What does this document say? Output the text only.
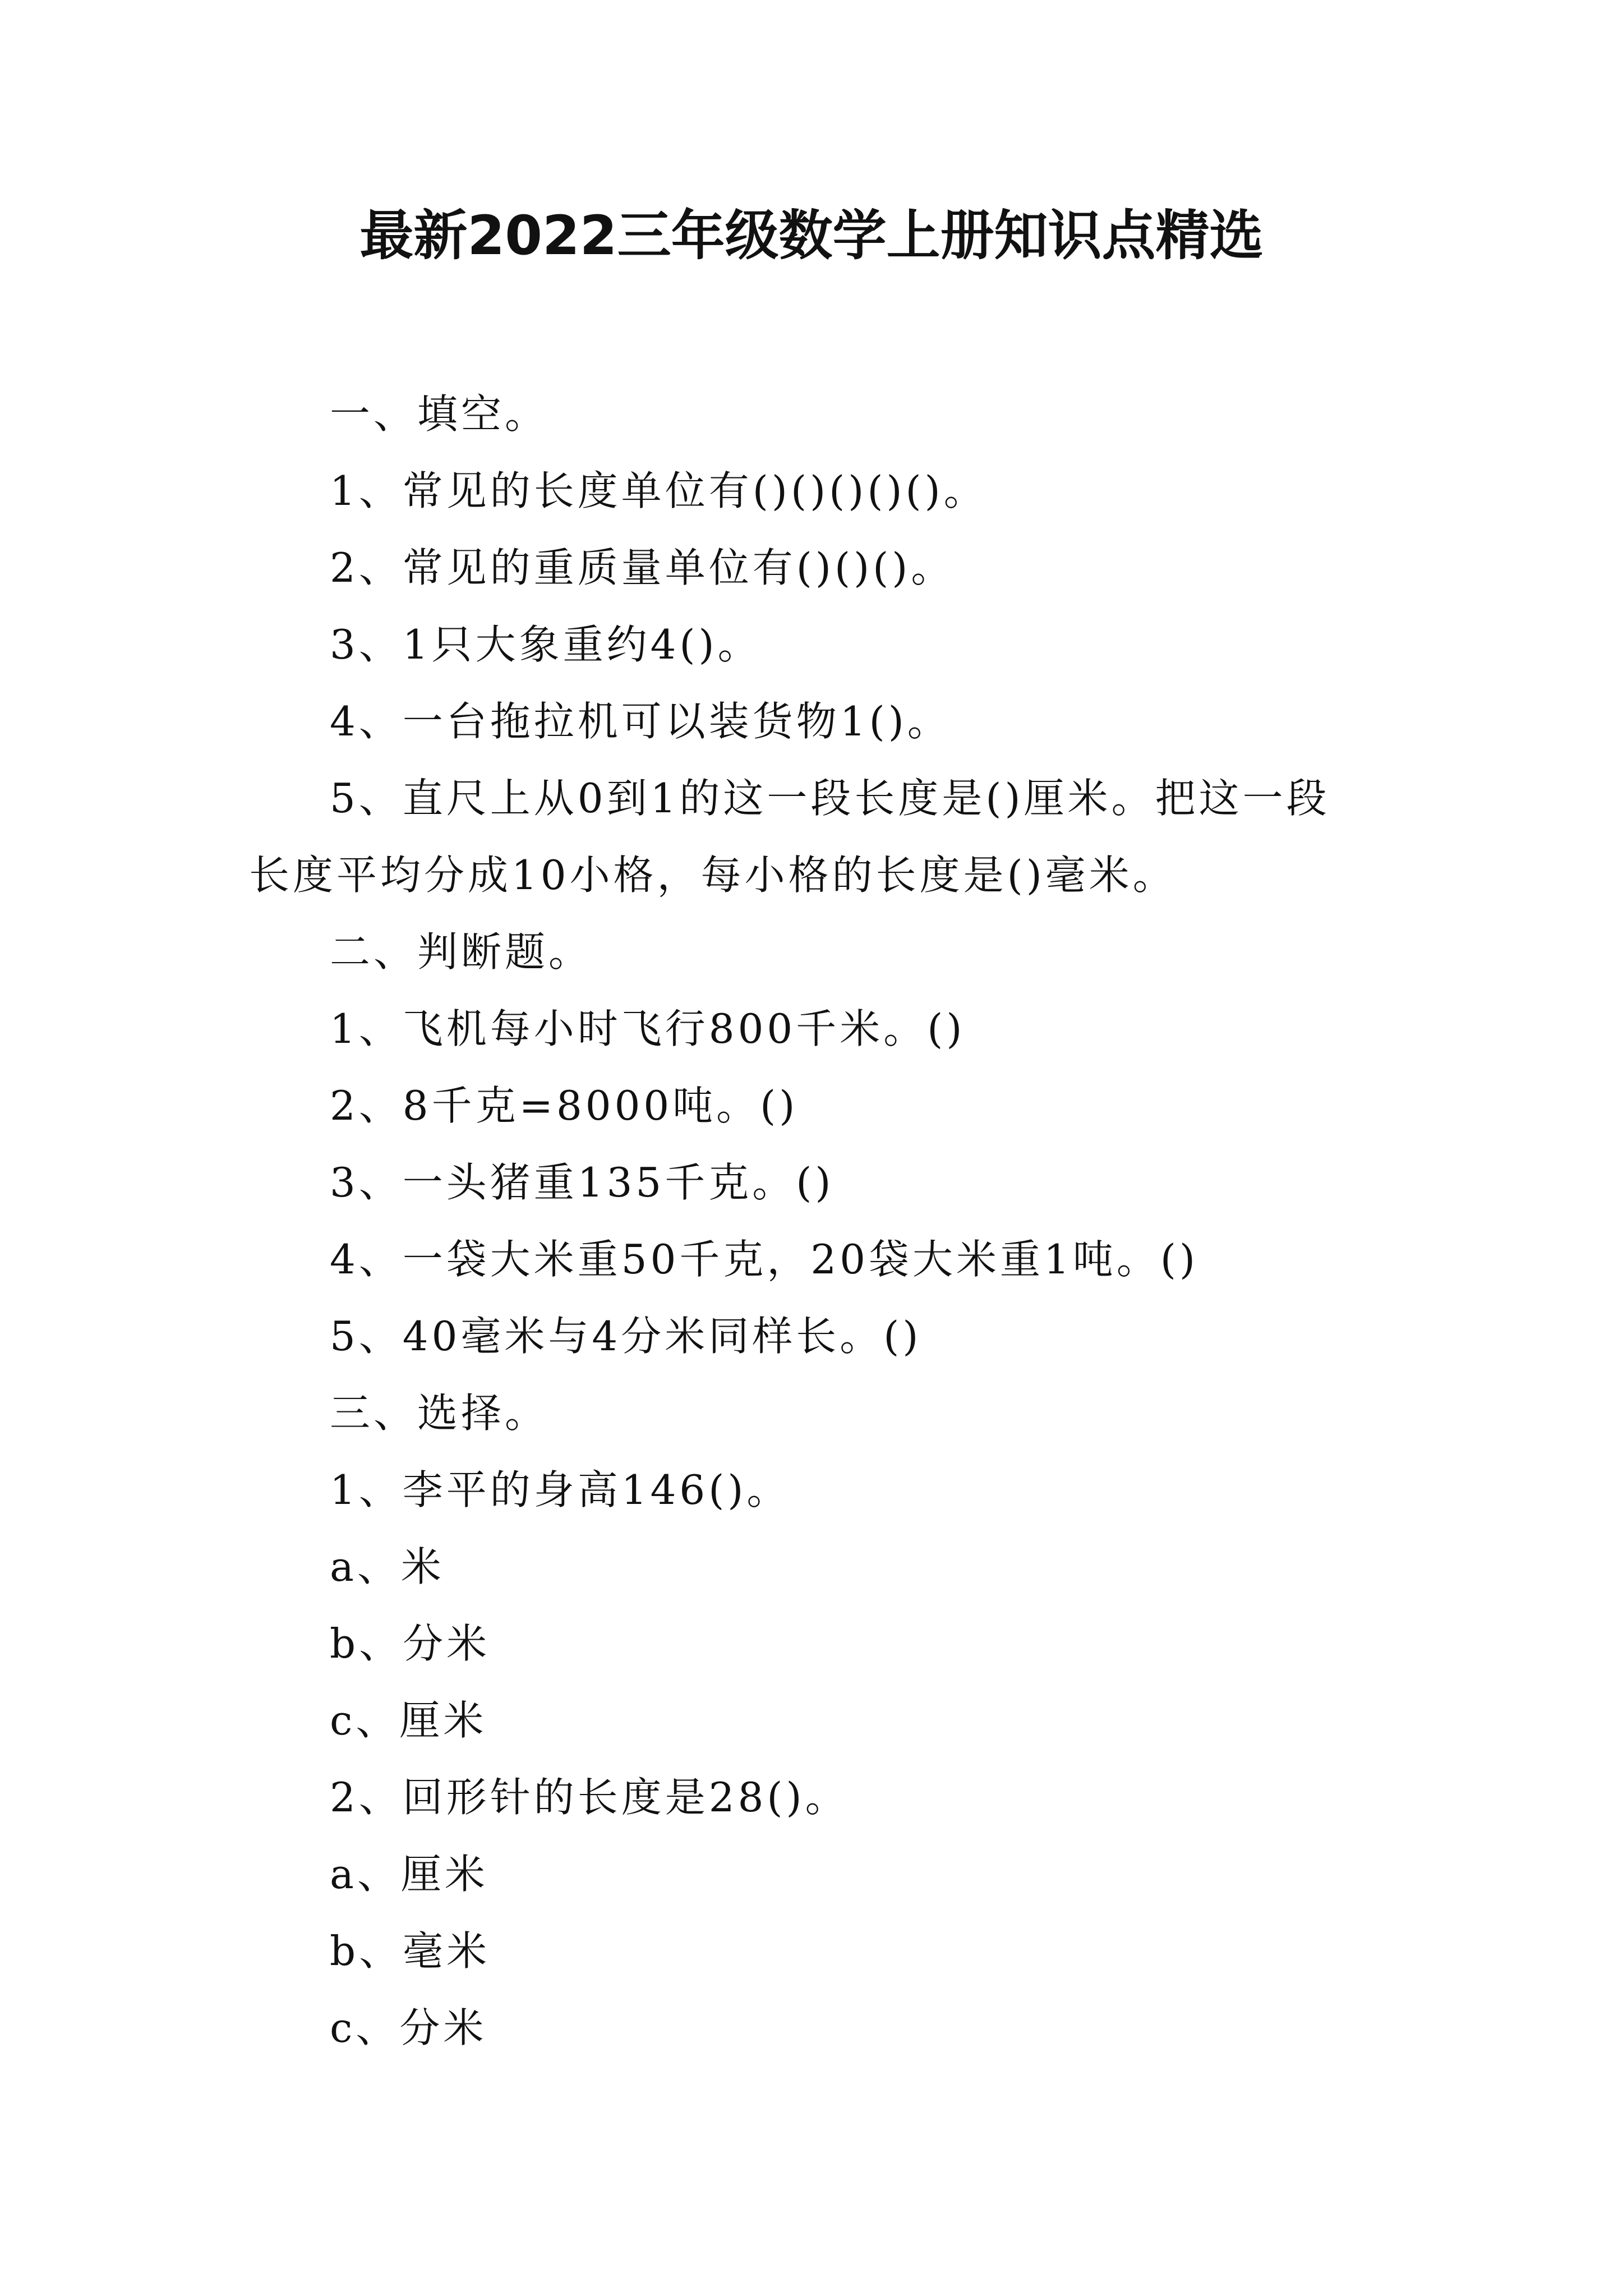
最新2022三年级数学上册知识点精选
一、填空。
1、常见的长度单位有()()()()()。
2、常见的重质量单位有()()()。
3、1只大象重约4()。
4、一台拖拉机可以装货物1()。
5、直尺上从0到1的这一段长度是()厘米。把这一段
长度平均分成10小格，每小格的长度是()毫米。
二、判断题。
1、飞机每小时飞行800千米。()
2、8千克=8000吨。()
3、一头猪重135千克。()
4、一袋大米重50千克，20袋大米重1吨。()
5、40毫米与4分米同样长。()
三、选择。
1、李平的身高146()。
a、米
b、分米
c、厘米
2、回形针的长度是28()。
a、厘米
b、毫米
c、分米
